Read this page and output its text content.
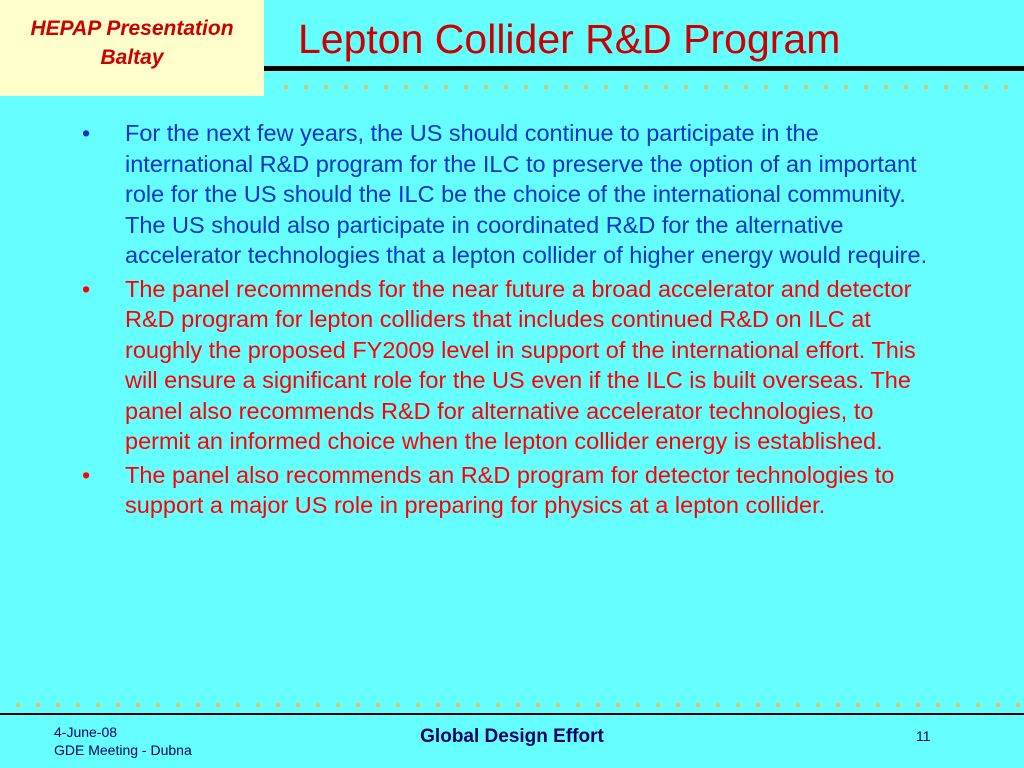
HEPAP Presentation
Baltay	Lepton Collider R&D Program
• For the next few years, the US should continue to participate in the international R&D program for the ILC to preserve the option of an important role for the US should the ILC be the choice of the international community. The US should also participate in coordinated R&D for the alternative accelerator technologies that a lepton collider of higher energy would require.
• The panel recommends for the near future a broad accelerator and detector R&D program for lepton colliders that includes continued R&D on ILC at roughly the proposed FY2009 level in support of the international effort. This will ensure a significant role for the US even if the ILC is built overseas. The panel also recommends R&D for alternative accelerator technologies, to permit an informed choice when the lepton collider energy is established.
• The panel also recommends an R&D program for detector technologies to support a major US role in preparing for physics at a lepton collider.
4-June-08
GDE Meeting - Dubna
Global Design Effort	11
